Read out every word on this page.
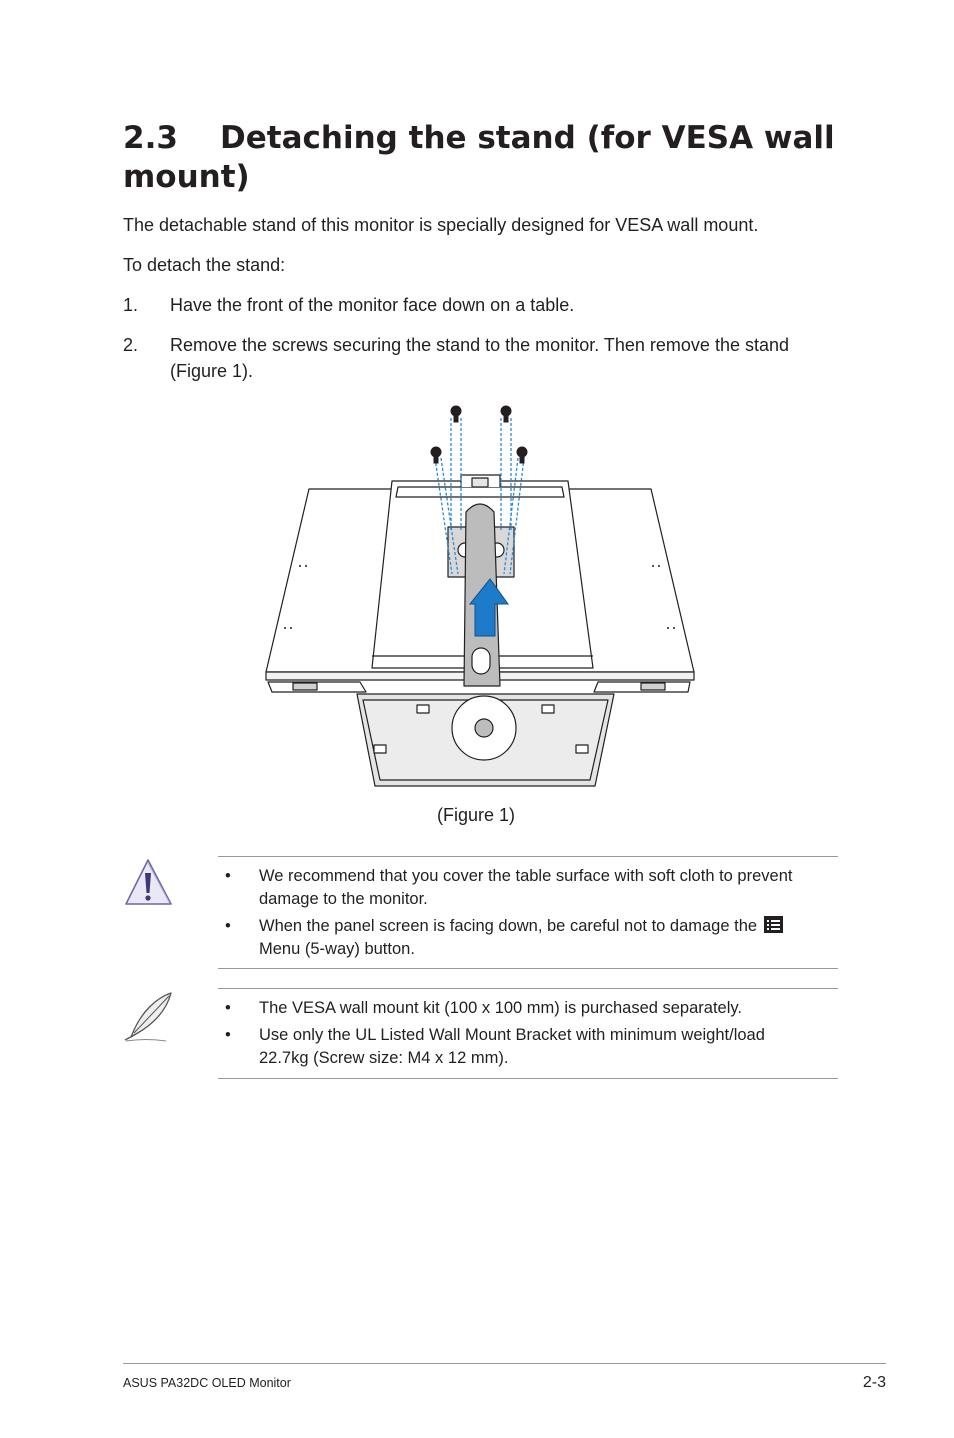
2.3 Detaching the stand (for VESA wall mount)

The detachable stand of this monitor is specially designed for VESA wall mount.

To detach the stand:

1. Have the front of the monitor face down on a table.
2. Remove the screws securing the stand to the monitor. Then remove the stand (Figure 1).
(Figure 1)
• We recommend that you cover the table surface with soft cloth to prevent damage to the monitor.
• When the panel screen is facing down, be careful not to damage the

Menu (5-way) button.
• The VESA wall mount kit (100 x 100 mm) is purchased separately.
• Use only the UL Listed Wall Mount Bracket with minimum weight/load 22.7kg (Screw size: M4 x 12 mm).
ASUS PA32DC OLED Monitor	2-3
